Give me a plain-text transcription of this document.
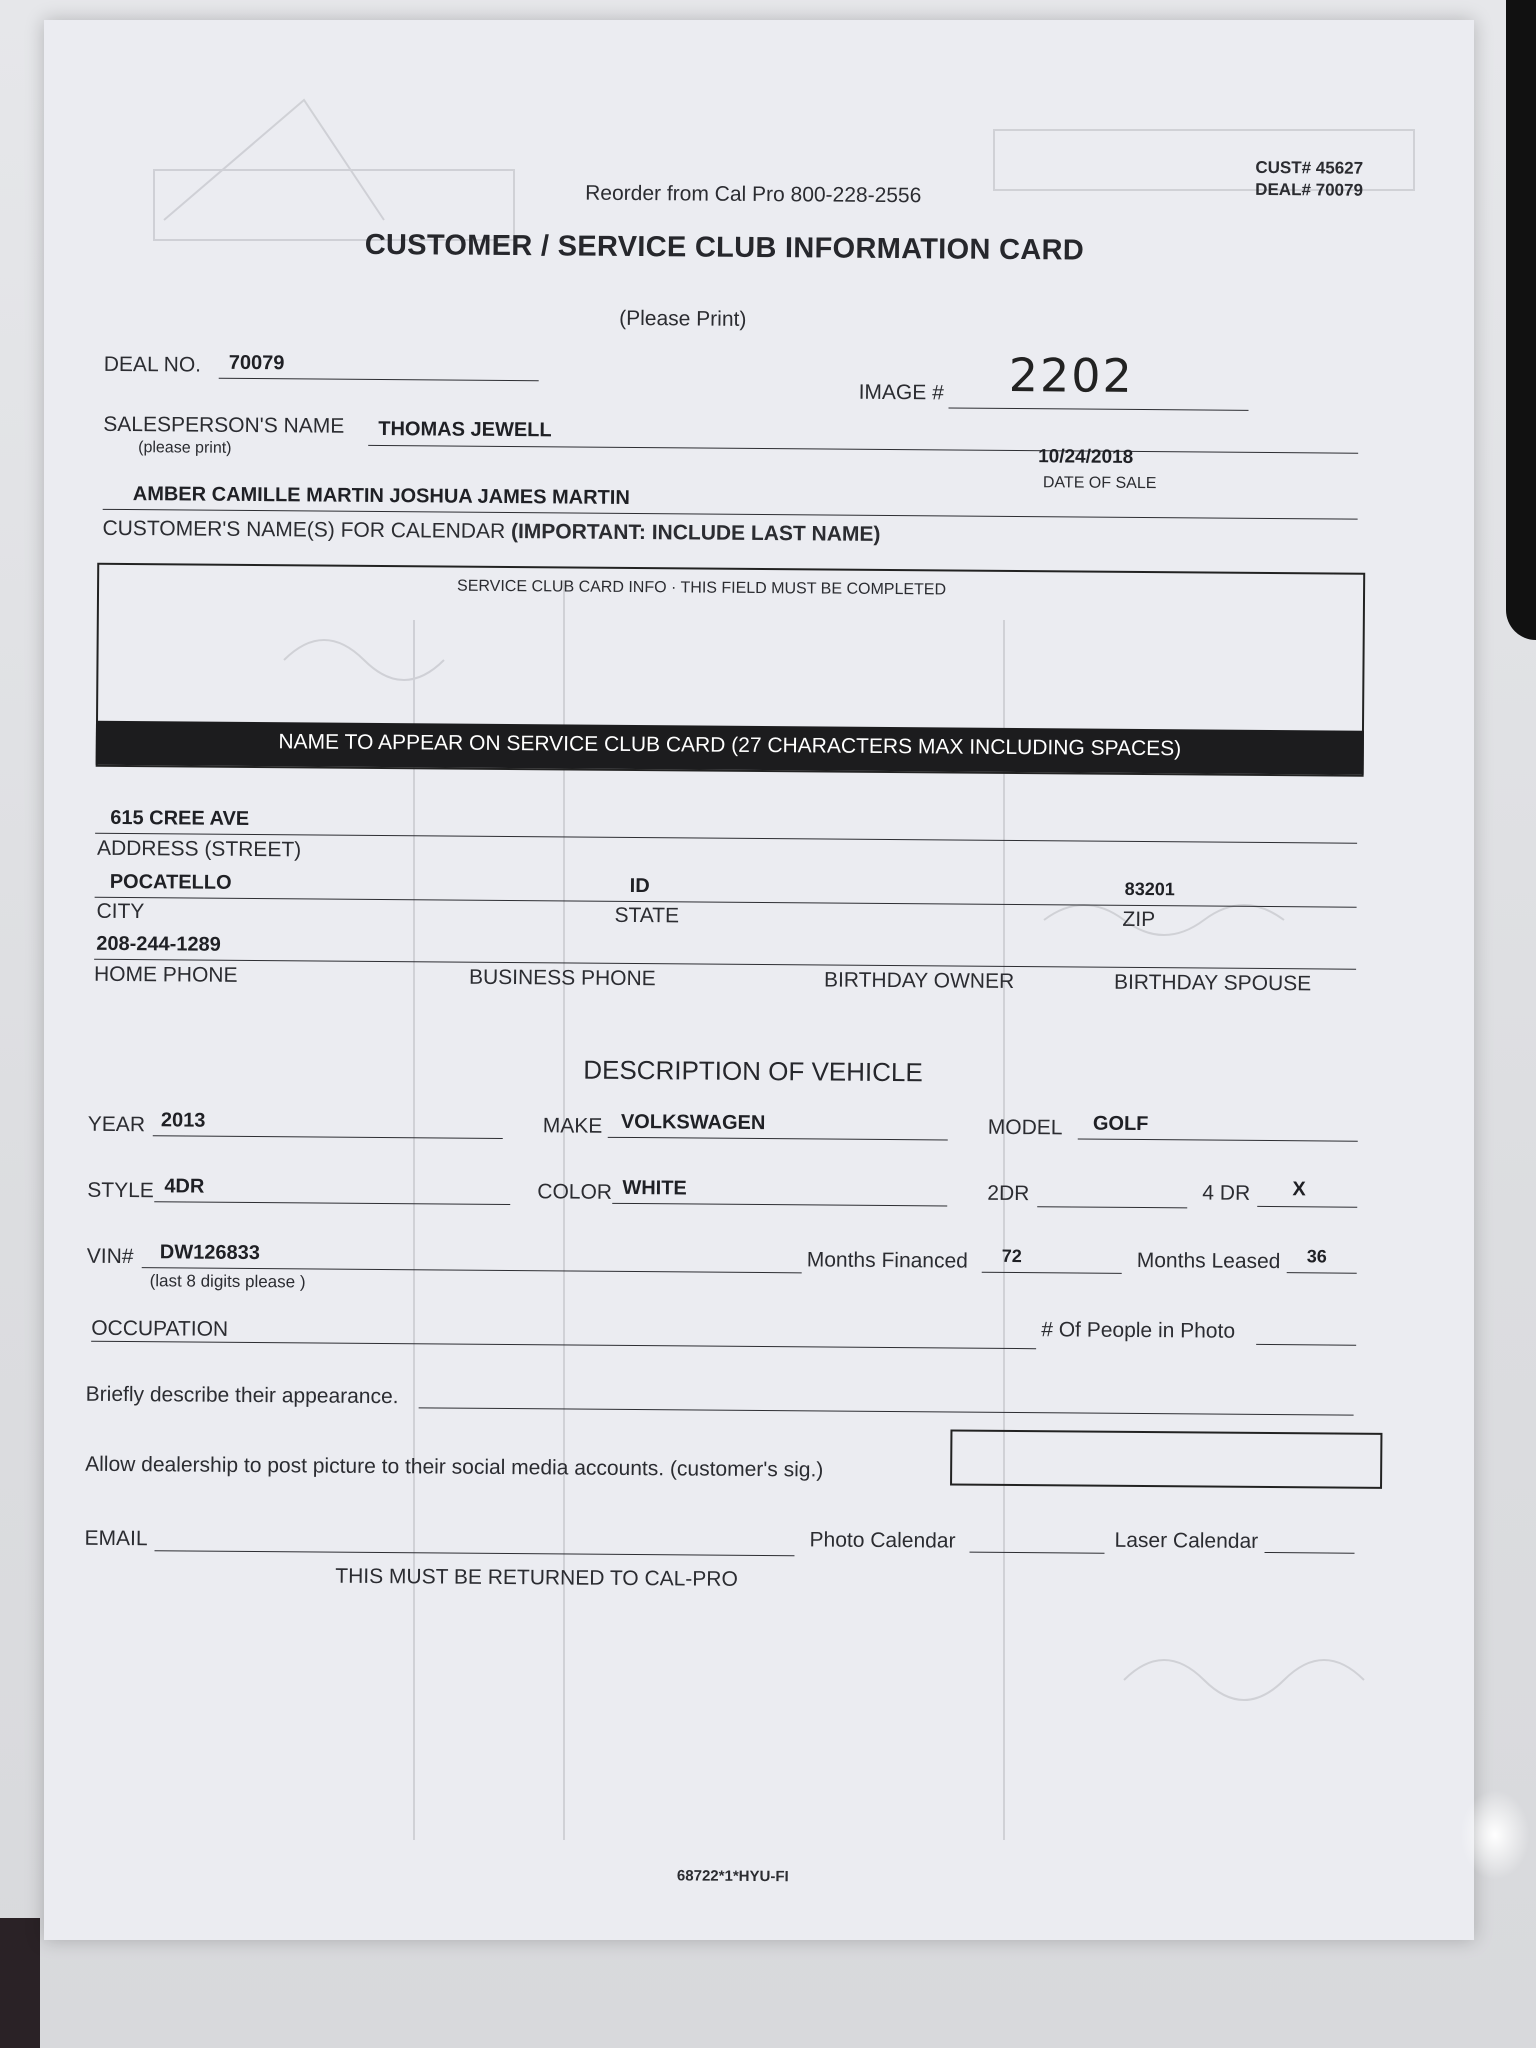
CUST# 45627
DEAL# 70079
Reorder from Cal Pro 800-228-2556
CUSTOMER / SERVICE CLUB INFORMATION CARD
(Please Print)
DEAL NO. 70079
IMAGE # 2202
SALESPERSON'S NAME
(please print)
THOMAS JEWELL
10/24/2018
DATE OF SALE
AMBER CAMILLE MARTIN JOSHUA JAMES MARTIN
CUSTOMER'S NAME(S) FOR CALENDAR (IMPORTANT: INCLUDE LAST NAME)
SERVICE CLUB CARD INFO · THIS FIELD MUST BE COMPLETED
NAME TO APPEAR ON SERVICE CLUB CARD (27 CHARACTERS MAX INCLUDING SPACES)
615 CREE AVE
ADDRESS (STREET)
POCATELLO	ID	83201
CITY	STATE	ZIP
208-244-1289
HOME PHONE	BUSINESS PHONE	BIRTHDAY OWNER	BIRTHDAY SPOUSE
DESCRIPTION OF VEHICLE
YEAR 2013	MAKE VOLKSWAGEN	MODEL GOLF
STYLE 4DR	COLOR WHITE	2DR	4 DR X
VIN# DW126833
(last 8 digits please )
Months Financed 72	Months Leased 36
OCCUPATION	# Of People in Photo
Briefly describe their appearance.
Allow dealership to post picture to their social media accounts. (customer's sig.)
EMAIL	Photo Calendar	Laser Calendar
THIS MUST BE RETURNED TO CAL-PRO
68722*1*HYU-FI
